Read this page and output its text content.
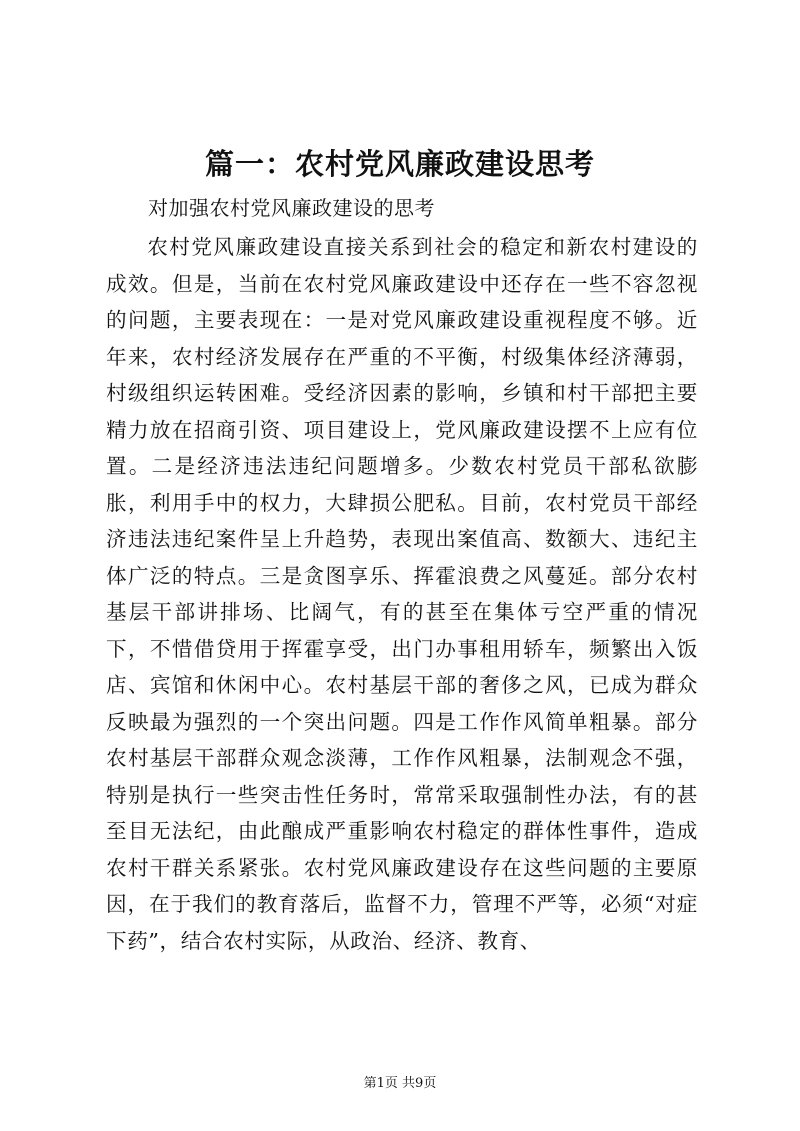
篇一：农村党风廉政建设思考
对加强农村党风廉政建设的思考

农村党风廉政建设直接关系到社会的稳定和新农村建设的成效。但是，当前在农村党风廉政建设中还存在一些不容忽视的问题，主要表现在：一是对党风廉政建设重视程度不够。近年来，农村经济发展存在严重的不平衡，村级集体经济薄弱，村级组织运转困难。受经济因素的影响，乡镇和村干部把主要精力放在招商引资、项目建设上，党风廉政建设摆不上应有位置。二是经济违法违纪问题增多。少数农村党员干部私欲膨胀，利用手中的权力，大肆损公肥私。目前，农村党员干部经济违法违纪案件呈上升趋势，表现出案值高、数额大、违纪主体广泛的特点。三是贪图享乐、挥霍浪费之风蔓延。部分农村基层干部讲排场、比阔气，有的甚至在集体亏空严重的情况下，不惜借贷用于挥霍享受，出门办事租用轿车，频繁出入饭店、宾馆和休闲中心。农村基层干部的奢侈之风，已成为群众反映最为强烈的一个突出问题。四是工作作风简单粗暴。部分农村基层干部群众观念淡薄，工作作风粗暴，法制观念不强，特别是执行一些突击性任务时，常常采取强制性办法，有的甚至目无法纪，由此酿成严重影响农村稳定的群体性事件，造成农村干群关系紧张。农村党风廉政建设存在这些问题的主要原因，在于我们的教育落后，监督不力，管理不严等，必须“对症下药”，结合农村实际，从政治、经济、教育、

第1页 共9页
